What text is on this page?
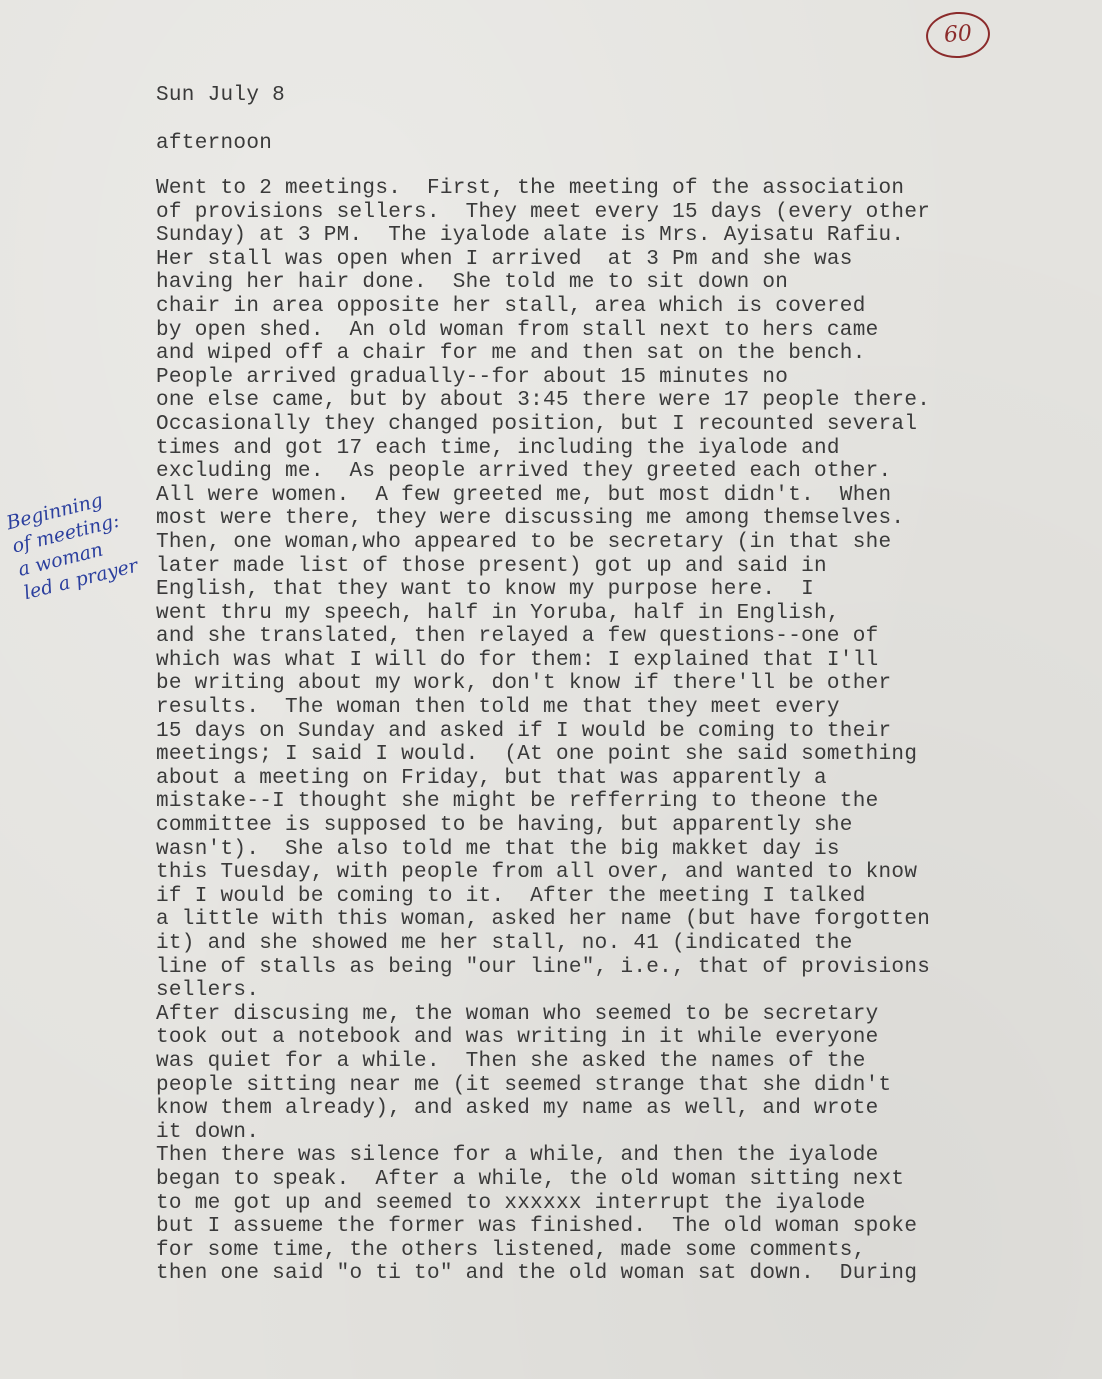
60

Sun July 8

afternoon

Beginning
of meeting:
a woman
led a prayer
Went to 2 meetings.  First, the meeting of the association
of provisions sellers.  They meet every 15 days (every other
Sunday) at 3 PM.  The iyalode alate is Mrs. Ayisatu Rafiu.
Her stall was open when I arrived  at 3 Pm and she was
having her hair done.  She told me to sit down on
chair in area opposite her stall, area which is covered
by open shed.  An old woman from stall next to hers came
and wiped off a chair for me and then sat on the bench.
People arrived gradually--for about 15 minutes no
one else came, but by about 3:45 there were 17 people there.
Occasionally they changed position, but I recounted several
times and got 17 each time, including the iyalode and
excluding me.  As people arrived they greeted each other.
All were women.  A few greeted me, but most didn't.  When
most were there, they were discussing me among themselves.
Then, one woman,who appeared to be secretary (in that she
later made list of those present) got up and said in
English, that they want to know my purpose here.  I
went thru my speech, half in Yoruba, half in English,
and she translated, then relayed a few questions--one of
which was what I will do for them: I explained that I'll
be writing about my work, don't know if there'll be other
results.  The woman then told me that they meet every
15 days on Sunday and asked if I would be coming to their
meetings; I said I would.  (At one point she said something
about a meeting on Friday, but that was apparently a
mistake--I thought she might be refferring to theone the
committee is supposed to be having, but apparently she
wasn't).  She also told me that the big makket day is
this Tuesday, with people from all over, and wanted to know
if I would be coming to it.  After the meeting I talked
a little with this woman, asked her name (but have forgotten
it) and she showed me her stall, no. 41 (indicated the
line of stalls as being "our line", i.e., that of provisions
sellers.
After discusing me, the woman who seemed to be secretary
took out a notebook and was writing in it while everyone
was quiet for a while.  Then she asked the names of the
people sitting near me (it seemed strange that she didn't
know them already), and asked my name as well, and wrote
it down.
Then there was silence for a while, and then the iyalode
began to speak.  After a while, the old woman sitting next
to me got up and seemed to xxxxxx interrupt the iyalode
but I assueme the former was finished.  The old woman spoke
for some time, the others listened, made some comments,
then one said "o ti to" and the old woman sat down.  During
